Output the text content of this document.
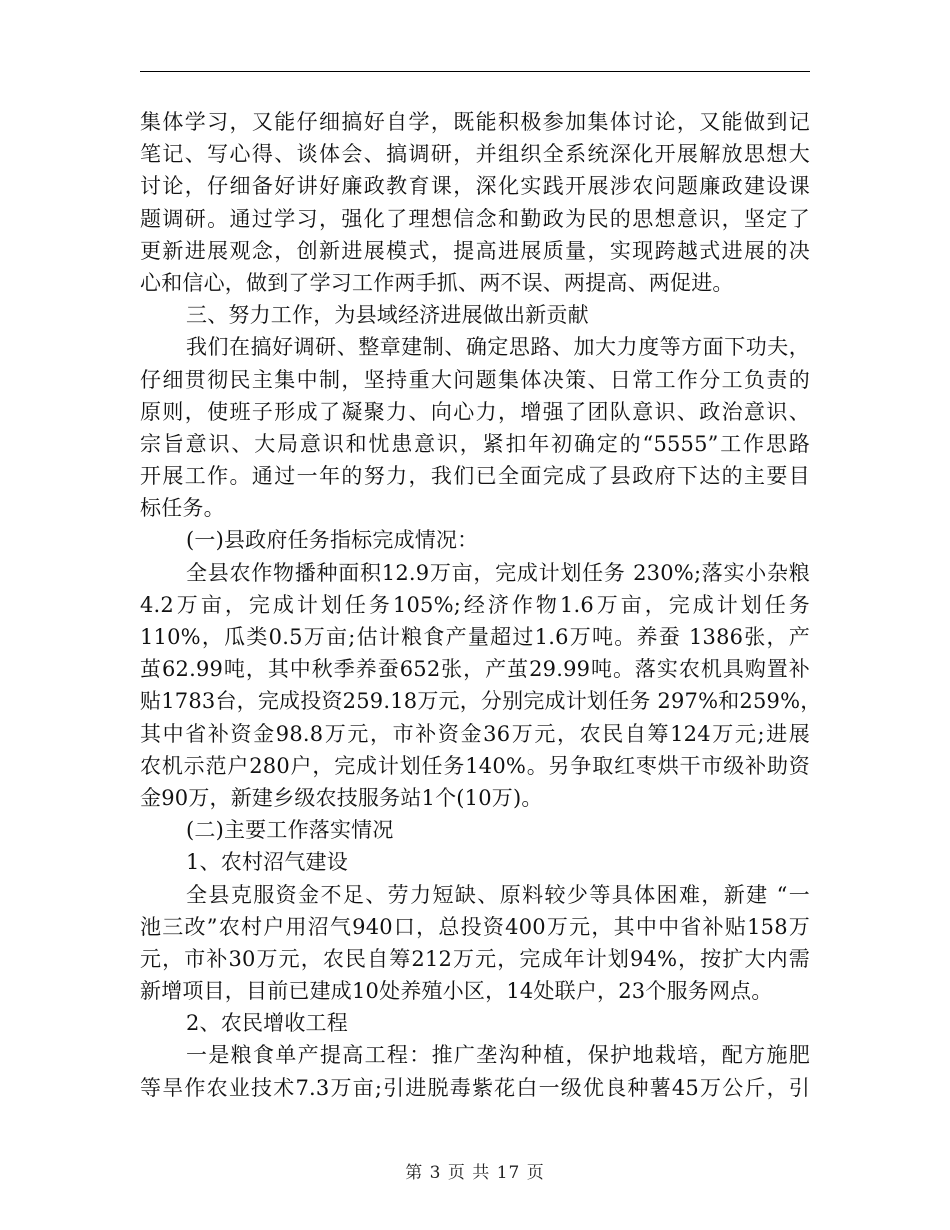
集体学习，又能仔细搞好自学，既能积极参加集体讨论，又能做到记
笔记、写心得、谈体会、搞调研，并组织全系统深化开展解放思想大
讨论，仔细备好讲好廉政教育课，深化实践开展涉农问题廉政建设课
题调研。通过学习，强化了理想信念和勤政为民的思想意识，坚定了
更新进展观念，创新进展模式，提高进展质量，实现跨越式进展的决
心和信心，做到了学习工作两手抓、两不误、两提高、两促进。
三、努力工作，为县域经济进展做出新贡献
我们在搞好调研、整章建制、确定思路、加大力度等方面下功夫，
仔细贯彻民主集中制，坚持重大问题集体决策、日常工作分工负责的
原则，使班子形成了凝聚力、向心力，增强了团队意识、政治意识、
宗旨意识、大局意识和忧患意识，紧扣年初确定的“5555”工作思路
开展工作。通过一年的努力，我们已全面完成了县政府下达的主要目
标任务。
(一)县政府任务指标完成情况：
全县农作物播种面积12.9万亩，完成计划任务 230%;落实小杂粮
4.2万亩，完成计划任务105%;经济作物1.6万亩，完成计划任务
110%，瓜类0.5万亩;估计粮食产量超过1.6万吨。养蚕 1386张，产
茧62.99吨，其中秋季养蚕652张，产茧29.99吨。落实农机具购置补
贴1783台，完成投资259.18万元，分别完成计划任务 297%和259%，
其中省补资金98.8万元，市补资金36万元，农民自筹124万元;进展
农机示范户280户，完成计划任务140%。另争取红枣烘干市级补助资
金90万，新建乡级农技服务站1个(10万)。
(二)主要工作落实情况
1、农村沼气建设
全县克服资金不足、劳力短缺、原料较少等具体困难，新建 “一
池三改”农村户用沼气940口，总投资400万元，其中中省补贴158万
元，市补30万元，农民自筹212万元，完成年计划94%，按扩大内需
新增项目，目前已建成10处养殖小区，14处联户，23个服务网点。
2、农民增收工程
一是粮食单产提高工程：推广垄沟种植，保护地栽培，配方施肥
等旱作农业技术7.3万亩;引进脱毒紫花白一级优良种薯45万公斤，引
第 3 页 共 17 页
